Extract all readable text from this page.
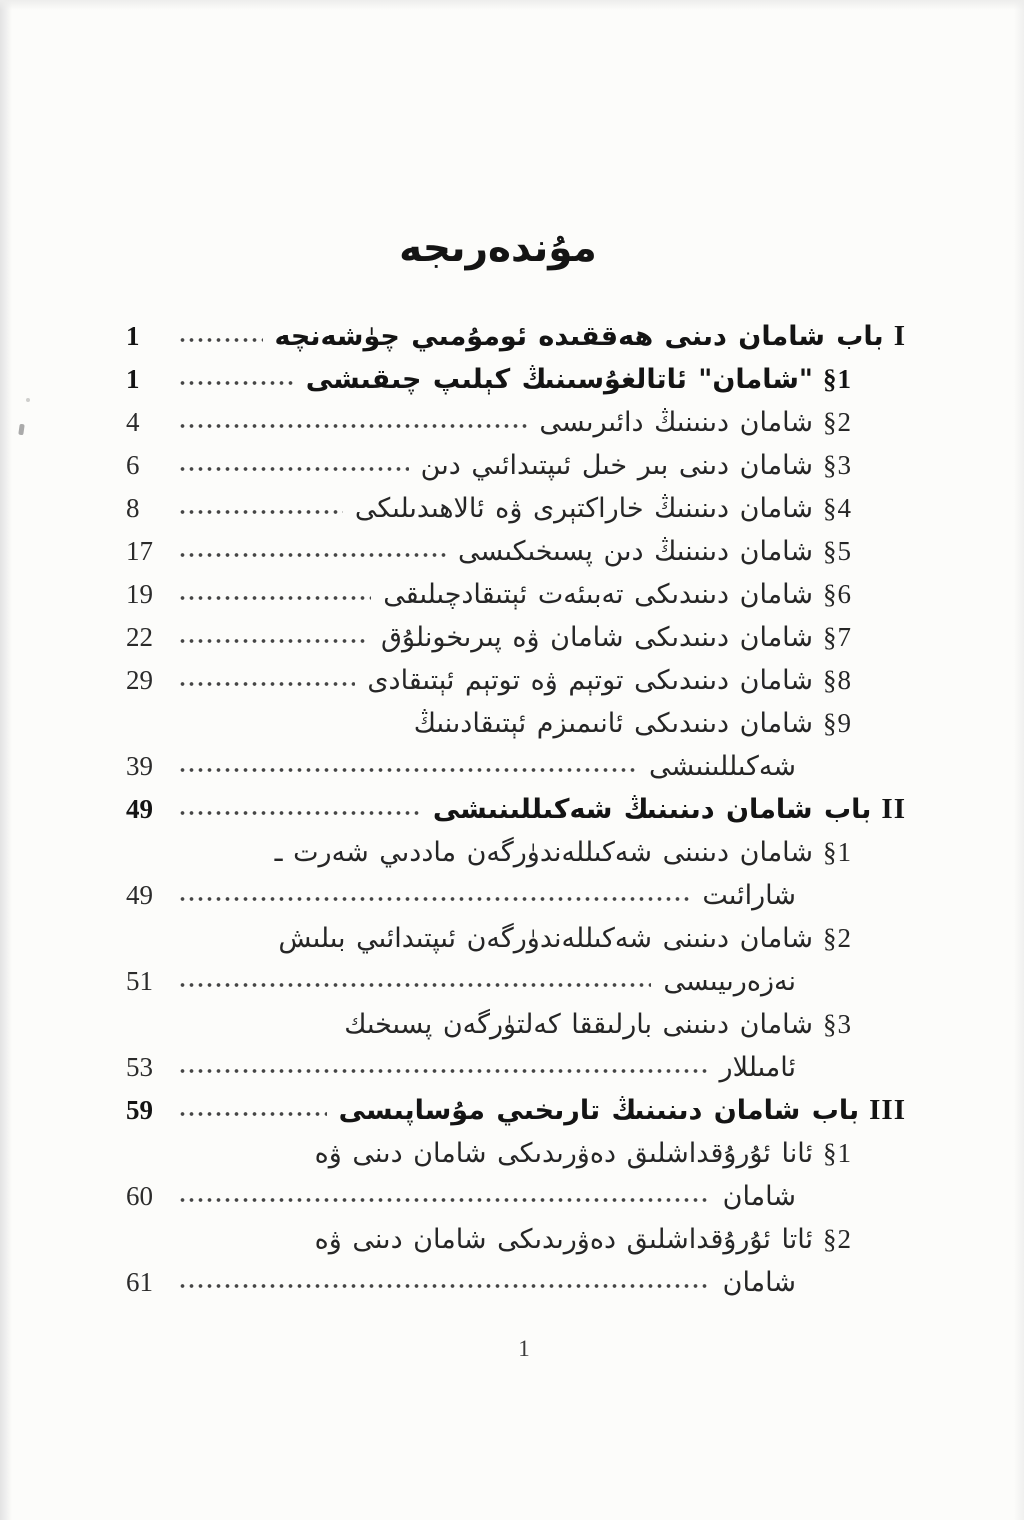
مۇندەرىجە
I
باب شامان دىنى ھەققىدە ئومۇمىي چۈشەنچە
1
§1
"شامان" ئاتالغۇسىنىڭ كېلىپ چىقىشى
1
§2
شامان دىنىنىڭ دائىرىسى
4
§3
شامان دىنى بىر خىل ئىپتىدائىي دىن
6
§4
شامان دىنىنىڭ خاراكتېرى ۋە ئالاھىدىلىكى
8
§5
شامان دىنىنىڭ دىن پسىخىكىسى
17
§6
شامان دىنىدىكى تەبىئەت ئېتىقادچىلىقى
19
§7
شامان دىنىدىكى شامان ۋە پىرىخونلۇق
22
§8
شامان دىنىدىكى توتېم ۋە توتېم ئېتىقادى
29
§9
شامان دىنىدىكى ئانىمىزم ئېتىقادىنىڭ
شەكىللىنىشى
39
II
باب شامان دىنىنىڭ شەكىللىنىشى
49
§1
شامان دىنىنى شەكىللەندۈرگەن ماددىي شەرت ـ
شارائىت
49
§2
شامان دىنىنى شەكىللەندۈرگەن ئىپتىدائىي بىلىش
نەزەرىيىسى
51
§3
شامان دىنىنى بارلىققا كەلتۈرگەن پسىخىك
ئامىللار
53
III
باب شامان دىنىنىڭ تارىخىي مۇساپىسى
59
§1
ئانا ئۇرۇقداشلىق دەۋرىدىكى شامان دىنى ۋە
شامان
60
§2
ئاتا ئۇرۇقداشلىق دەۋرىدىكى شامان دىنى ۋە
شامان
61
1
